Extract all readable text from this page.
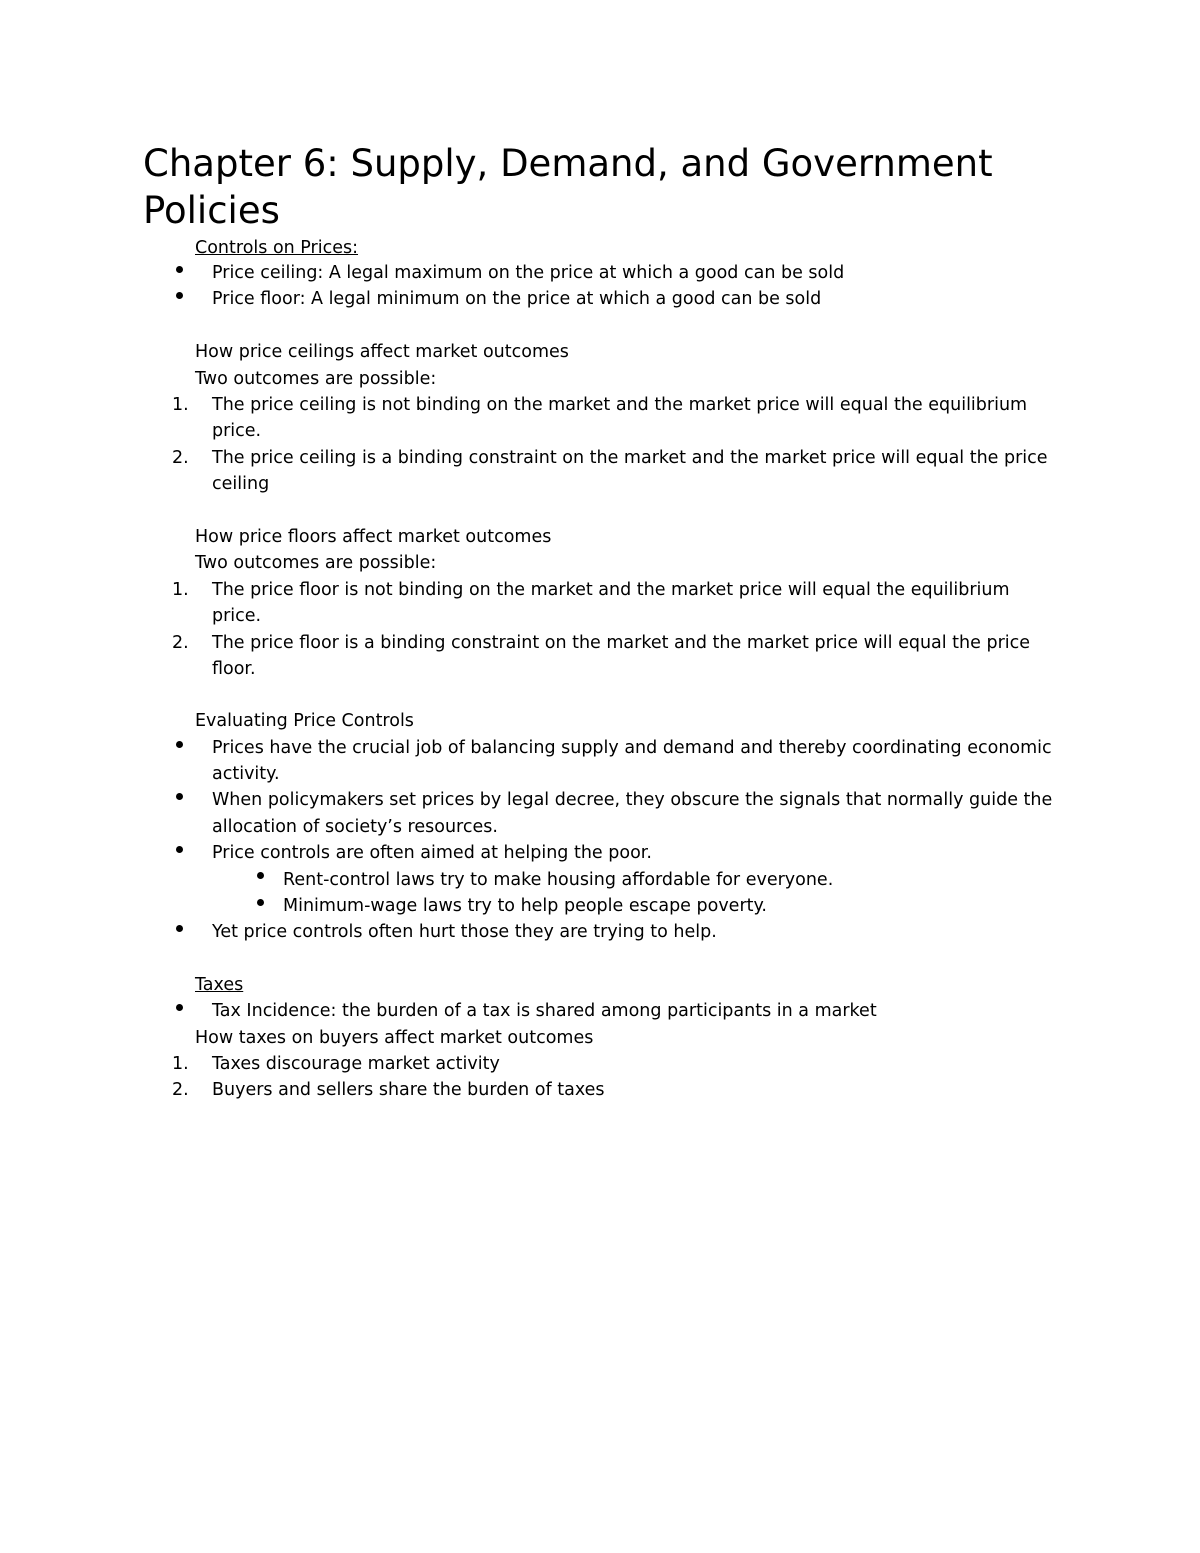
Chapter 6: Supply, Demand, and Government Policies
Controls on Prices:
Price ceiling: A legal maximum on the price at which a good can be sold
Price floor: A legal minimum on the price at which a good can be sold
How price ceilings affect market outcomes
Two outcomes are possible:
1. The price ceiling is not binding on the market and the market price will equal the equilibrium
price.
2. The price ceiling is a binding constraint on the market and the market price will equal the price
ceiling
How price floors affect market outcomes
Two outcomes are possible:
1. The price floor is not binding on the market and the market price will equal the equilibrium
price.
2. The price floor is a binding constraint on the market and the market price will equal the price
floor.
Evaluating Price Controls
Prices have the crucial job of balancing supply and demand and thereby coordinating economic
activity.
When policymakers set prices by legal decree, they obscure the signals that normally guide the
allocation of society’s resources.
Price controls are often aimed at helping the poor.
Rent-control laws try to make housing affordable for everyone.
Minimum-wage laws try to help people escape poverty.
Yet price controls often hurt those they are trying to help.
Taxes
Tax Incidence: the burden of a tax is shared among participants in a market
How taxes on buyers affect market outcomes
1. Taxes discourage market activity
2. Buyers and sellers share the burden of taxes
